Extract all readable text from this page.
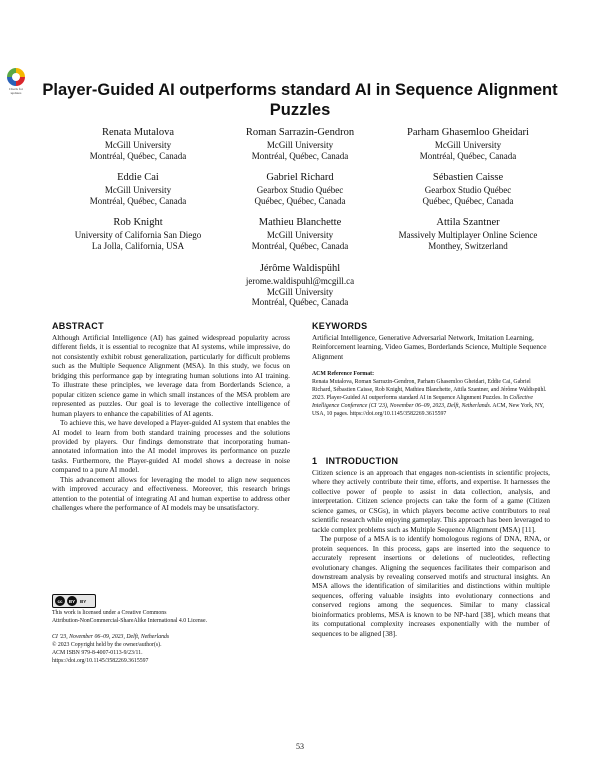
Check for
updates	Player-Guided AI outperforms standard AI in Sequence Alignment Puzzles
Renata Mutalova
McGill University
Montréal, Québec, Canada
Roman Sarrazin-Gendron
McGill University
Montréal, Québec, Canada
Parham Ghasemloo Gheidari
McGill University
Montréal, Québec, Canada
Eddie Cai
McGill University
Montréal, Québec, Canada
Gabriel Richard
Gearbox Studio Québec
Québec, Québec, Canada
Sébastien Caisse
Gearbox Studio Québec
Québec, Québec, Canada
Rob Knight
University of California San Diego
La Jolla, California, USA
Mathieu Blanchette
McGill University
Montréal, Québec, Canada
Attila Szantner
Massively Multiplayer Online Science
Monthey, Switzerland
Jérôme Waldispühl
jerome.waldispuhl@mcgill.ca
McGill University
Montréal, Québec, Canada
ABSTRACT

Although Artificial Intelligence (AI) has gained widespread popularity across different fields, it is essential to recognize that AI systems, while impressive, do not consistently exhibit robust generalization, particularly for difficult problems such as the Multiple Sequence Alignment (MSA). In this study, we focus on bridging this performance gap by integrating human solutions into AI training. To illustrate these principles, we leverage data from Borderlands Science, a popular citizen science game in which small instances of the MSA problem are represented as puzzles. Our goal is to leverage the collective intelligence of human players to enhance the capabilities of AI agents.

To achieve this, we have developed a Player-guided AI system that enables the AI model to learn from both standard training processes and the solutions provided by players. Our findings demonstrate that incorporating human-annotated information into the AI model improves its performance on puzzle tasks. Furthermore, the Player-guided AI model shows a decrease in noise compared to a pure AI model.

This advancement allows for leveraging the model to align new sequences with improved accuracy and effectiveness. Moreover, this research brings attention to the potential of integrating AI and human expertise to address other challenges where the performance of AI models may be unsatisfactory.

cc	BY	BY
This work is licensed under a Creative Commons
Attribution-NonCommercial-ShareAlike International 4.0 License.
CI '23, November 06–09, 2023, Delft, Netherlands
© 2023 Copyright held by the owner/author(s).
ACM ISBN 979-8-4007-0113-9/23/11.
https://doi.org/10.1145/3582269.3615597
KEYWORDS
Artificial Intelligence, Generative Adversarial Network, Imitation Learning, Reinforcement learning, Video Games, Borderlands Science, Multiple Sequence Alignment
ACM Reference Format:
Renata Mutalova, Roman Sarrazin-Gendron, Parham Ghasemloo Gheidari, Eddie Cai, Gabriel Richard, Sébastien Caisse, Rob Knight, Mathieu Blanchette, Attila Szantner, and Jérôme Waldispühl. 2023. Player-Guided AI outperforms standard AI in Sequence Alignment Puzzles. In Collective Intelligence Conference (CI '23), November 06–09, 2023, Delft, Netherlands. ACM, New York, NY, USA, 10 pages. https://doi.org/10.1145/3582269.3615597
1   INTRODUCTION

Citizen science is an approach that engages non-scientists in scientific projects, where they actively contribute their time, efforts, and expertise. It harnesses the collective power of people to assist in data collection, analysis, and interpretation. Citizen science projects can take the form of a game (Citizen science games, or CSGs), in which players become active contributors to real scientific research while enjoying gameplay. This approach has been leveraged to tackle complex problems such as Multiple Sequence Alignment (MSA) [11].

The purpose of a MSA is to identify homologous regions of DNA, RNA, or protein sequences. In this process, gaps are inserted into the sequence to accurately represent insertions or deletions of nucleotides, reflecting evolutionary changes. Aligning the sequences facilitates their comparison and downstream analysis by revealing conserved motifs and structural insights. An MSA allows the identification of similarities and distinctions within multiple sequences, offering valuable insights into evolutionary connections and conserved regions among the sequences. Similar to many classical bioinformatics problems, MSA is known to be NP-hard [38], which means that its computational complexity increases exponentially with the number of sequences to be aligned [38].

53
